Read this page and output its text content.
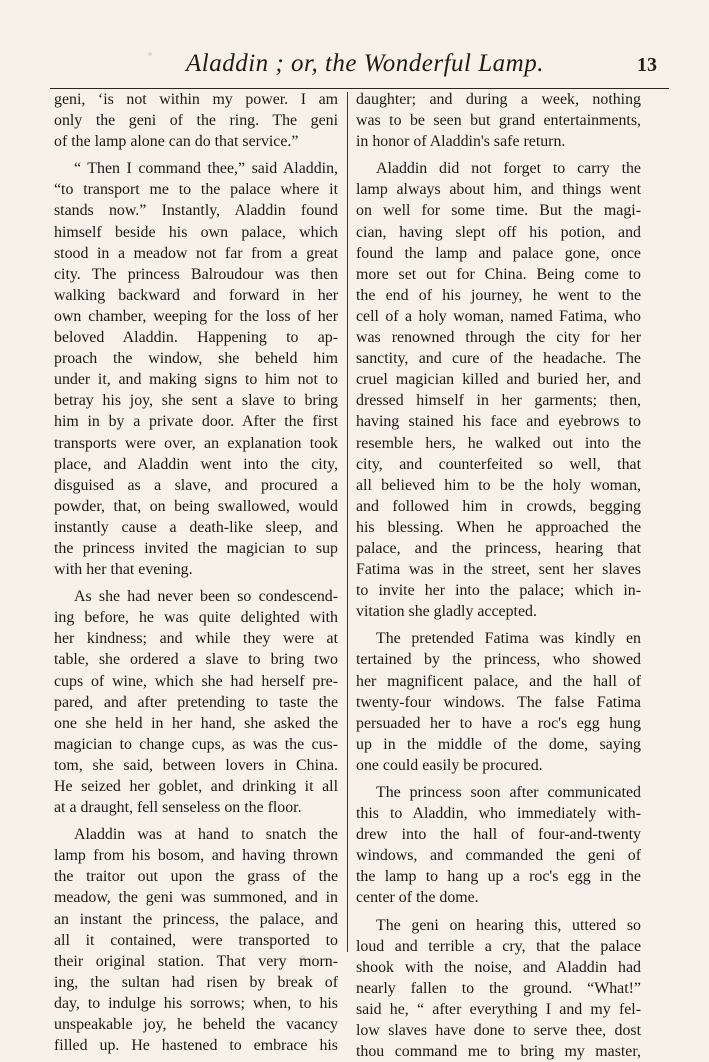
Aladdin ; or, the Wonderful Lamp.	13
geni, ‘is not within my power. I am
only the geni of the ring. The geni
of the lamp alone can do that service.”
“ Then I command thee,” said Aladdin,
“to transport me to the palace where it
stands now.” Instantly, Aladdin found
himself beside his own palace, which
stood in a meadow not far from a great
city. The princess Balroudour was then
walking backward and forward in her
own chamber, weeping for the loss of her
beloved Aladdin. Happening to ap-
proach the window, she beheld him
under it, and making signs to him not to
betray his joy, she sent a slave to bring
him in by a private door. After the first
transports were over, an explanation took
place, and Aladdin went into the city,
disguised as a slave, and procured a
powder, that, on being swallowed, would
instantly cause a death-like sleep, and
the princess invited the magician to sup
with her that evening.
As she had never been so condescend-
ing before, he was quite delighted with
her kindness; and while they were at
table, she ordered a slave to bring two
cups of wine, which she had herself pre-
pared, and after pretending to taste the
one she held in her hand, she asked the
magician to change cups, as was the cus-
tom, she said, between lovers in China.
He seized her goblet, and drinking it all
at a draught, fell senseless on the floor.
Aladdin was at hand to snatch the
lamp from his bosom, and having thrown
the traitor out upon the grass of the
meadow, the geni was summoned, and in
an instant the princess, the palace, and
all it contained, were transported to
their original station. That very morn-
ing, the sultan had risen by break of
day, to indulge his sorrows; when, to his
unspeakable joy, he beheld the vacancy
filled up. He hastened to embrace his
daughter; and during a week, nothing
was to be seen but grand entertainments,
in honor of Aladdin's safe return.
Aladdin did not forget to carry the
lamp always about him, and things went
on well for some time. But the magi-
cian, having slept off his potion, and
found the lamp and palace gone, once
more set out for China. Being come to
the end of his journey, he went to the
cell of a holy woman, named Fatima, who
was renowned through the city for her
sanctity, and cure of the headache. The
cruel magician killed and buried her, and
dressed himself in her garments; then,
having stained his face and eyebrows to
resemble hers, he walked out into the
city, and counterfeited so well, that
all believed him to be the holy woman,
and followed him in crowds, begging
his blessing. When he approached the
palace, and the princess, hearing that
Fatima was in the street, sent her slaves
to invite her into the palace; which in-
vitation she gladly accepted.
The pretended Fatima was kindly en
tertained by the princess, who showed
her magnificent palace, and the hall of
twenty-four windows. The false Fatima
persuaded her to have a roc's egg hung
up in the middle of the dome, saying
one could easily be procured.
The princess soon after communicated
this to Aladdin, who immediately with-
drew into the hall of four-and-twenty
windows, and commanded the geni of
the lamp to hang up a roc's egg in the
center of the dome.
The geni on hearing this, uttered so
loud and terrible a cry, that the palace
shook with the noise, and Aladdin had
nearly fallen to the ground. “What!”
said he, “ after everything I and my fel-
low slaves have done to serve thee, dost
thou command me to bring my master,
